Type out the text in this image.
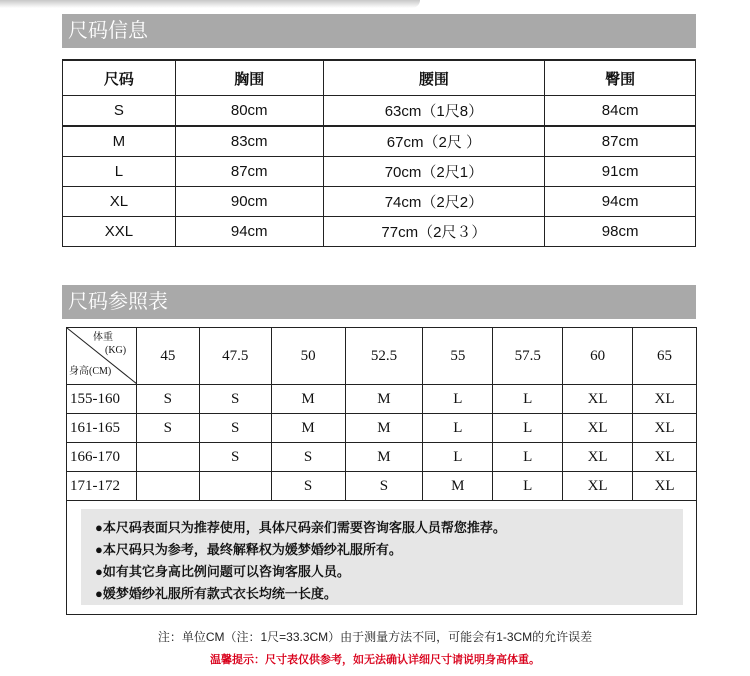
尺码信息
尺码	胸围	腰围	臀围
S	80cm	63cm（1尺8）	84cm
M	83cm	67cm（2尺 ）	87cm
L	87cm	70cm（2尺1）	91cm
XL	90cm	74cm（2尺2）	94cm
XXL	94cm	77cm（2尺３）	98cm
尺码参照表
体重
(KG)
身高(CM)	45	47.5	50	52.5	55	57.5	60	65
155-160	S	S	M	M	L	L	XL	XL
161-165	S	S	M	M	L	L	XL	XL
166-170		S	S	M	L	L	XL	XL
171-172			S	S	M	L	XL	XL
●本尺码表面只为推荐使用，具体尺码亲们需要咨询客服人员帮您推荐。
●本尺码只为参考，最终解释权为媛梦婚纱礼服所有。
●如有其它身高比例问题可以咨询客服人员。
●媛梦婚纱礼服所有款式衣长均统一长度。
注：单位CM（注：1尺=33.3CM）由于测量方法不同，可能会有1-3CM的允许误差
温馨提示：尺寸表仅供参考，如无法确认详细尺寸请说明身高体重。
